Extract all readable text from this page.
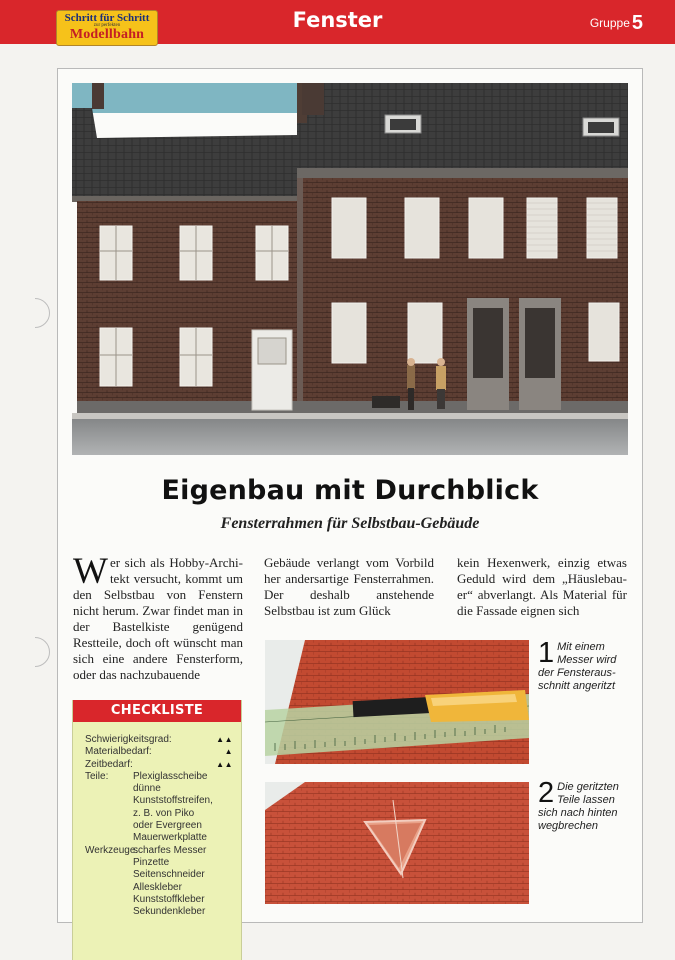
Schritt für Schritt
zur perfekten
Modellbahn
Fenster	Gruppe 5
Eigenbau mit Durchblick
Fensterrahmen für Selbstbau-Gebäude
Wer sich als Hobby-Architekt versucht, kommt um den Selbstbau von Fenstern nicht herum. Zwar findet man in der Bastelkiste genügend Restteile, doch oft wünscht man sich eine andere Fensterform, oder das nachzubauende
Gebäude verlangt vom Vorbild her andersartige Fensterrahmen. Der deshalb anstehende Selbstbau ist zum Glück
kein Hexenwerk, einzig etwas Geduld wird dem „Häuslebauer“ abverlangt. Als Material für die Fassade eignen sich
CHECKLISTE
Schwierigkeitsgrad:	▲▲
Materialbedarf:	▲
Zeitbedarf:	▲▲
Teile:	Plexiglasscheibe
dünne Kunststoffstreifen,
z. B. von Piko
oder Evergreen
Mauerwerkplatte
Werkzeuge:
scharfes Messer
Pinzette
Seitenschneider
Alleskleber
Kunststoffkleber
Sekundenkleber
1 Mit einem Messer wird der Fensterausschnitt angeritzt
2 Die geritzten Teile lassen sich nach hinten wegbrechen
